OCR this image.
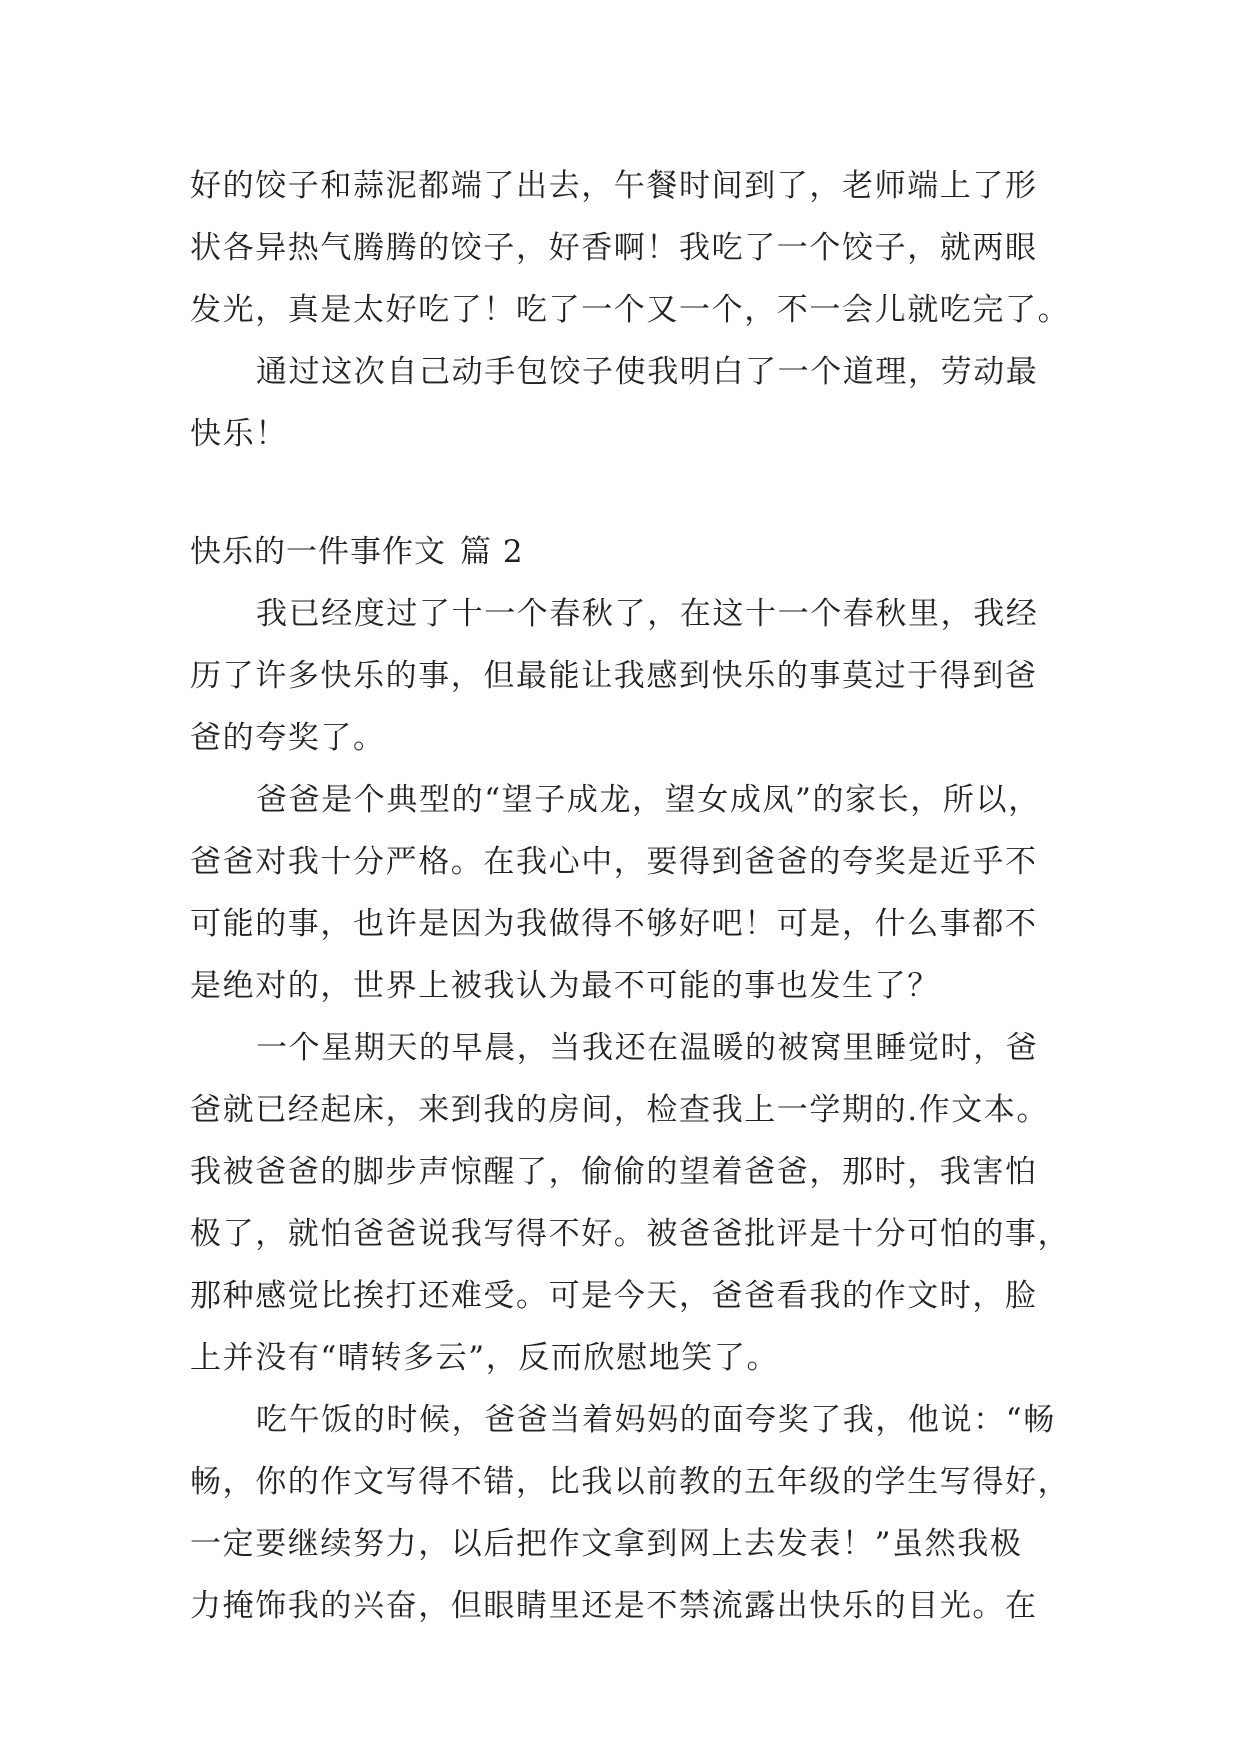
好的饺子和蒜泥都端了出去，午餐时间到了，老师端上了形
状各异热气腾腾的饺子，好香啊！我吃了一个饺子，就两眼
发光，真是太好吃了！吃了一个又一个，不一会儿就吃完了。
通过这次自己动手包饺子使我明白了一个道理，劳动最
快乐！
快乐的一件事作文 篇 2
我已经度过了十一个春秋了，在这十一个春秋里，我经
历了许多快乐的事，但最能让我感到快乐的事莫过于得到爸
爸的夸奖了。
爸爸是个典型的“望子成龙，望女成凤”的家长，所以，
爸爸对我十分严格。在我心中，要得到爸爸的夸奖是近乎不
可能的事，也许是因为我做得不够好吧！可是，什么事都不
是绝对的，世界上被我认为最不可能的事也发生了？
一个星期天的早晨，当我还在温暖的被窝里睡觉时，爸
爸就已经起床，来到我的房间，检查我上一学期的.作文本。
我被爸爸的脚步声惊醒了，偷偷的望着爸爸，那时，我害怕
极了，就怕爸爸说我写得不好。被爸爸批评是十分可怕的事，
那种感觉比挨打还难受。可是今天，爸爸看我的作文时，脸
上并没有“晴转多云”，反而欣慰地笑了。
吃午饭的时候，爸爸当着妈妈的面夸奖了我，他说：“畅
畅，你的作文写得不错，比我以前教的五年级的学生写得好，
一定要继续努力，以后把作文拿到网上去发表！”虽然我极
力掩饰我的兴奋，但眼睛里还是不禁流露出快乐的目光。在
